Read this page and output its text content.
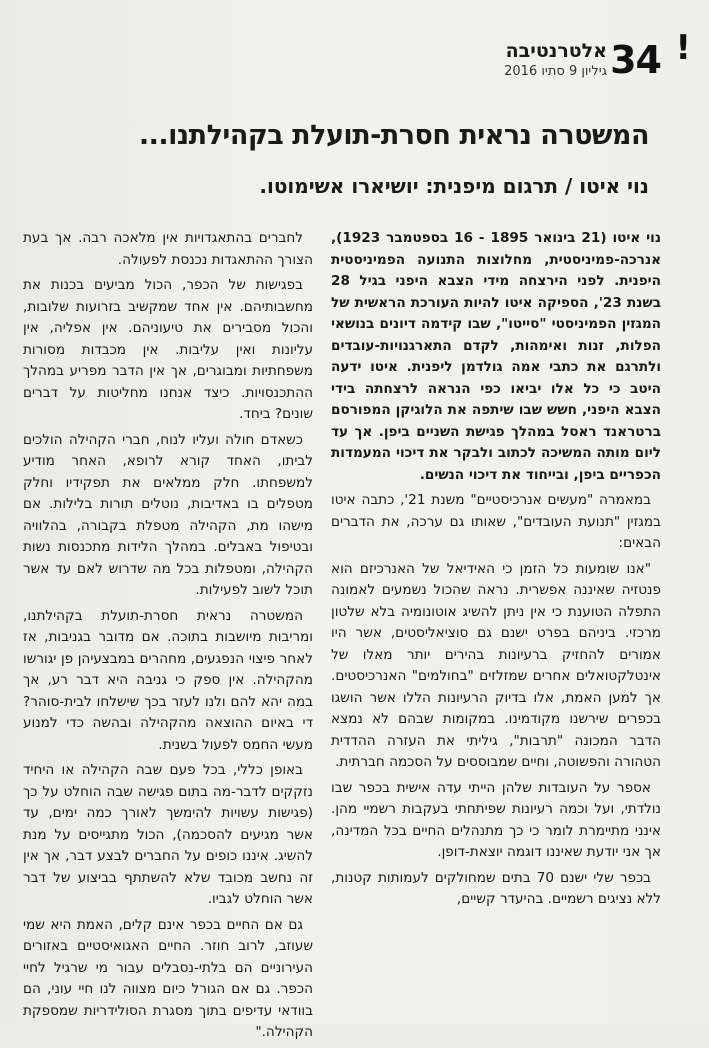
!
34
אלטרנטיבה
גיליון 9 סתיו 2016
המשטרה נראית חסרת-תועלת בקהילתנו...
נוי איטו / תרגום מיפנית: יושיארו אשימוטו.

נוי איטו (21 בינואר 1895 - 16 בספטמבר 1923), אנרכה-פמיניסטית, מחלוצות התנועה הפמיניסטית היפנית. לפני הירצחה מידי הצבא היפני בגיל 28 בשנת 23', הספיקה איטו להיות העורכת הראשית של המגזין הפמיניסטי "סייטו", שבו קידמה דיונים בנושאי הפלות, זנות ואימהות, לקדם התארגנויות-עובדים ולתרגם את כתבי אמה גולדמן ליפנית. איטו ידעה היטב כי כל אלו יביאו כפי הנראה לרצחתה בידי הצבא היפני, חשש שבו שיתפה את הלוגיקן המפורסם ברטראנד ראסל במהלך פגישת השניים ביפן. אך עד ליום מותה המשיכה לכתוב ולבקר את דיכוי המעמדות הכפריים ביפן, ובייחוד את דיכוי הנשים.

במאמרה "מעשים אנרכיסטיים" משנת 21', כתבה איטו במגזין "תנועת העובדים", שאותו גם ערכה, את הדברים הבאים:

"אנו שומעות כל הזמן כי האידיאל של האנרכיזם הוא פנטזיה שאיננה אפשרית. נראה שהכול נשמעים לאמונה התפלה הטוענת כי אין ניתן להשיג אוטונומיה בלא שלטון מרכזי. ביניהם בפרט ישנם גם סוציאליסטים, אשר היו אמורים להחזיק ברעיונות בהירים יותר מאלו של אינטלקטואלים אחרים שמזלזים "בחולמים" האנרכיסטים. אך למען האמת, אלו בדיוק הרעיונות הללו אשר הושגו בכפרים שירשנו מקודמינו. במקומות שבהם לא נמצא הדבר המכונה "תרבות", גיליתי את העזרה ההדדית הטהורה והפשוטה, וחיים שמבוססים על הסכמה חברתית.

אספר על העובדות שלהן הייתי עדה אישית בכפר שבו נולדתי, ועל וכמה רעיונות שפיתחתי בעקבות רשמיי מהן. אינני מתיימרת לומר כי כך מתנהלים החיים בכל המדינה, אך אני יודעת שאיננו דוגמה יוצאת-דופן.

בכפר שלי ישנם 70 בתים שמחולקים לעמותות קטנות, ללא נציגים רשמיים. בהיעדר קשיים,

לחברים בהתאגדויות אין מלאכה רבה. אך בעת הצורך ההתאגדות נכנסת לפעולה.

בפגישות של הכפר, הכול מביעים בכנות את מחשבותיהם. אין אחד שמקשיב בזרועות שלובות, והכול מסבירים את טיעוניהם. אין אפליה, אין עליונות ואין עליבות. אין מכבדות מסורות משפחתיות ומבוגרים, אך אין הדבר מפריע במהלך ההתכנסויות. כיצד אנחנו מחליטות על דברים שונים? ביחד.

כשאדם חולה ועליו לנוח, חברי הקהילה הולכים לביתו, האחד קורא לרופא, האחר מודיע למשפחתו. חלק ממלאים את תפקידיו וחלק מטפלים בו באדיבות, נוטלים תורות בלילות. אם מישהו מת, הקהילה מטפלת בקבורה, בהלוויה ובטיפול באבלים. במהלך הלידות מתכנסות נשות הקהילה, ומטפלות בכל מה שדרוש לאם עד אשר תוכל לשוב לפעילות.

המשטרה נראית חסרת-תועלת בקהילתנו, ומריבות מיושבות בתוכה. אם מדובר בגניבות, אז לאחר פיצוי הנפגעים, מחהרים במבצעיהן פן יגורשו מהקהילה. אין ספק כי גניבה היא דבר רע, אך במה יהא להם ולנו לעזר בכך שישלחו לבית-סוהר? די באיום ההוצאה מהקהילה ובהשה כדי למנוע מעשי החמס לפעול בשנית.

באופן כללי, בכל פעם שבה הקהילה או היחיד נזקקים לדבר-מה בתום פגישה שבה הוחלט על כך (פגישות עשויות להימשך לאורך כמה ימים, עד אשר מגיעים להסכמה), הכול מתגייסים על מנת להשיג. איננו כופים על החברים לבצע דבר, אך אין זה נחשב מכובד שלא להשתתף בביצוע של דבר אשר הוחלט לגביו.

גם אם החיים בכפר אינם קלים, האמת היא שמי שעוזב, לרוב חוזר. החיים האגואיסטיים באזורים העירוניים הם בלתי-נסבלים עבור מי שרגיל לחיי הכפר. גם אם הגורל כיום מצווה לנו חיי עוני, הם בוודאי עדיפים בתוך מסגרת הסולידריות שמספקת הקהילה."
